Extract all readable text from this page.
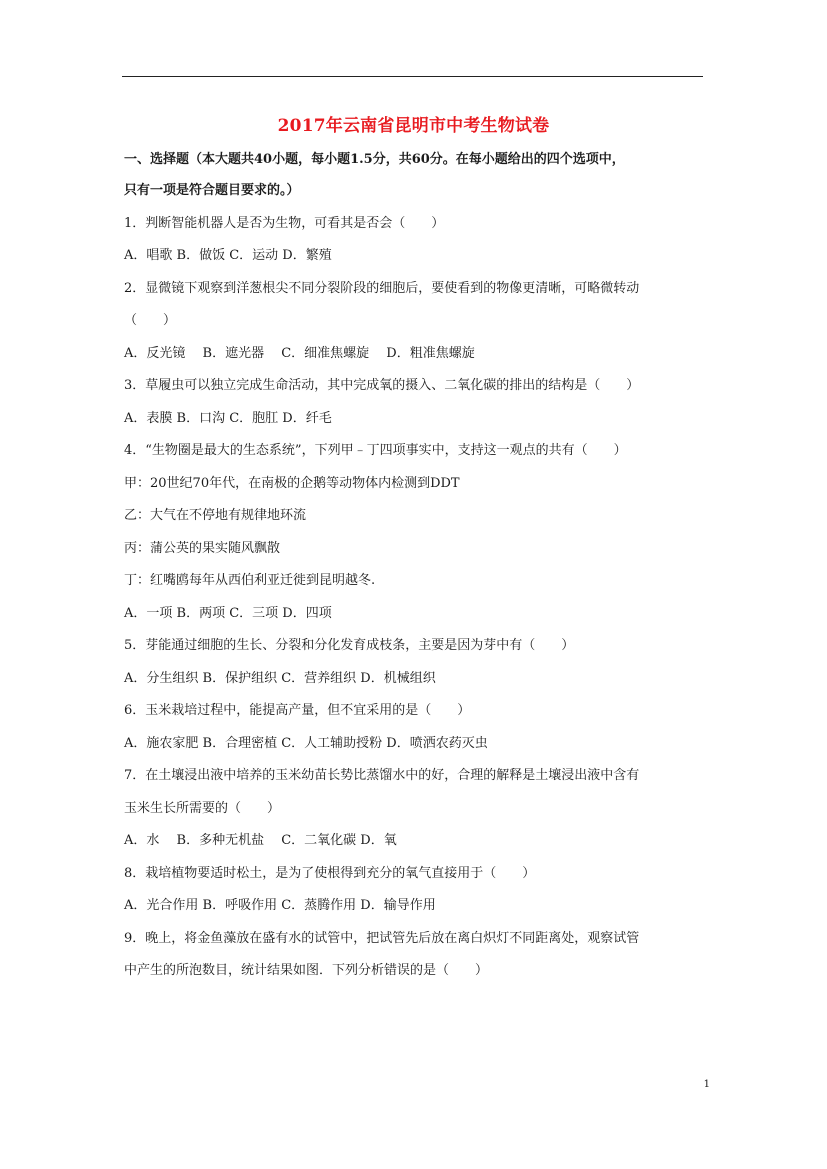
2017年云南省昆明市中考生物试卷
一、选择题（本大题共40小题，每小题1.5分，共60分。在每小题给出的四个选项中，
只有一项是符合题目要求的。）
1．判断智能机器人是否为生物，可看其是否会（　　）
A．唱歌 B．做饭 C．运动 D．繁殖
2．显微镜下观察到洋葱根尖不同分裂阶段的细胞后，要使看到的物像更清晰，可略微转动
（　　）
A．反光镜　 B．遮光器　 C．细准焦螺旋　 D．粗准焦螺旋
3．草履虫可以独立完成生命活动，其中完成氧的摄入、二氧化碳的排出的结构是（　　）
A．表膜 B．口沟 C．胞肛 D．纤毛
4．“生物圈是最大的生态系统”，下列甲﹣丁四项事实中，支持这一观点的共有（　　）
甲：20世纪70年代，在南极的企鹅等动物体内检测到DDT
乙：大气在不停地有规律地环流
丙：蒲公英的果实随风飘散
丁：红嘴鸥每年从西伯利亚迁徙到昆明越冬.
A．一项 B．两项 C．三项 D．四项
5．芽能通过细胞的生长、分裂和分化发育成枝条，主要是因为芽中有（　　）
A．分生组织 B．保护组织 C．营养组织 D．机械组织
6．玉米栽培过程中，能提高产量，但不宜采用的是（　　）
A．施农家肥 B．合理密植 C．人工辅助授粉 D．喷洒农药灭虫
7．在土壤浸出液中培养的玉米幼苗长势比蒸馏水中的好，合理的解释是土壤浸出液中含有
玉米生长所需要的（　　）
A．水　 B．多种无机盐　 C．二氧化碳 D．氧
8．栽培植物要适时松土，是为了使根得到充分的氧气直接用于（　　）
A．光合作用 B．呼吸作用 C．蒸腾作用 D．输导作用
9．晚上，将金鱼藻放在盛有水的试管中，把试管先后放在离白炽灯不同距离处，观察试管
中产生的所泡数目，统计结果如图．下列分析错误的是（　　）
1
